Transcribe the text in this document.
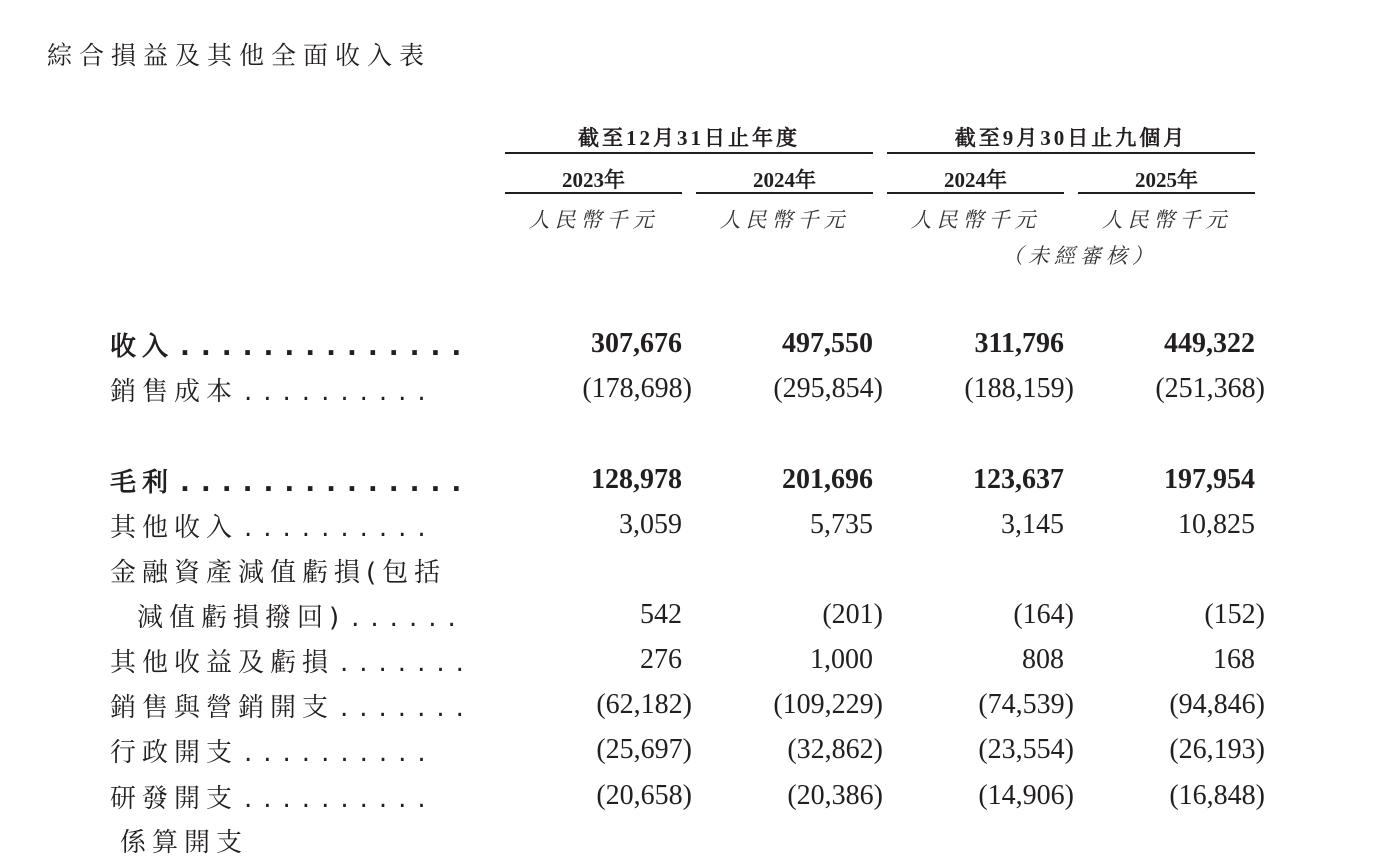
綜合損益及其他全面收入表
截至12月31日止年度	截至9月30日止九個月
2023年	2024年	2024年	2025年
人民幣千元	人民幣千元	人民幣千元	人民幣千元
（未經審核）
收入 ..............	307,676	497,550	311,796	449,322
銷售成本 ..........	(178,698)	(295,854)	(188,159)	(251,368)
毛利 ..............	128,978	201,696	123,637	197,954
其他收入 ..........	3,059	5,735	3,145	10,825
金融資產減值虧損(包括
減值虧損撥回) ......	542	(201)	(164)	(152)
其他收益及虧損 .......	276	1,000	808	168
銷售與營銷開支 .......	(62,182)	(109,229)	(74,539)	(94,846)
行政開支 ..........	(25,697)	(32,862)	(23,554)	(26,193)
研發開支 ..........	(20,658)	(20,386)	(14,906)	(16,848)
係算開支
